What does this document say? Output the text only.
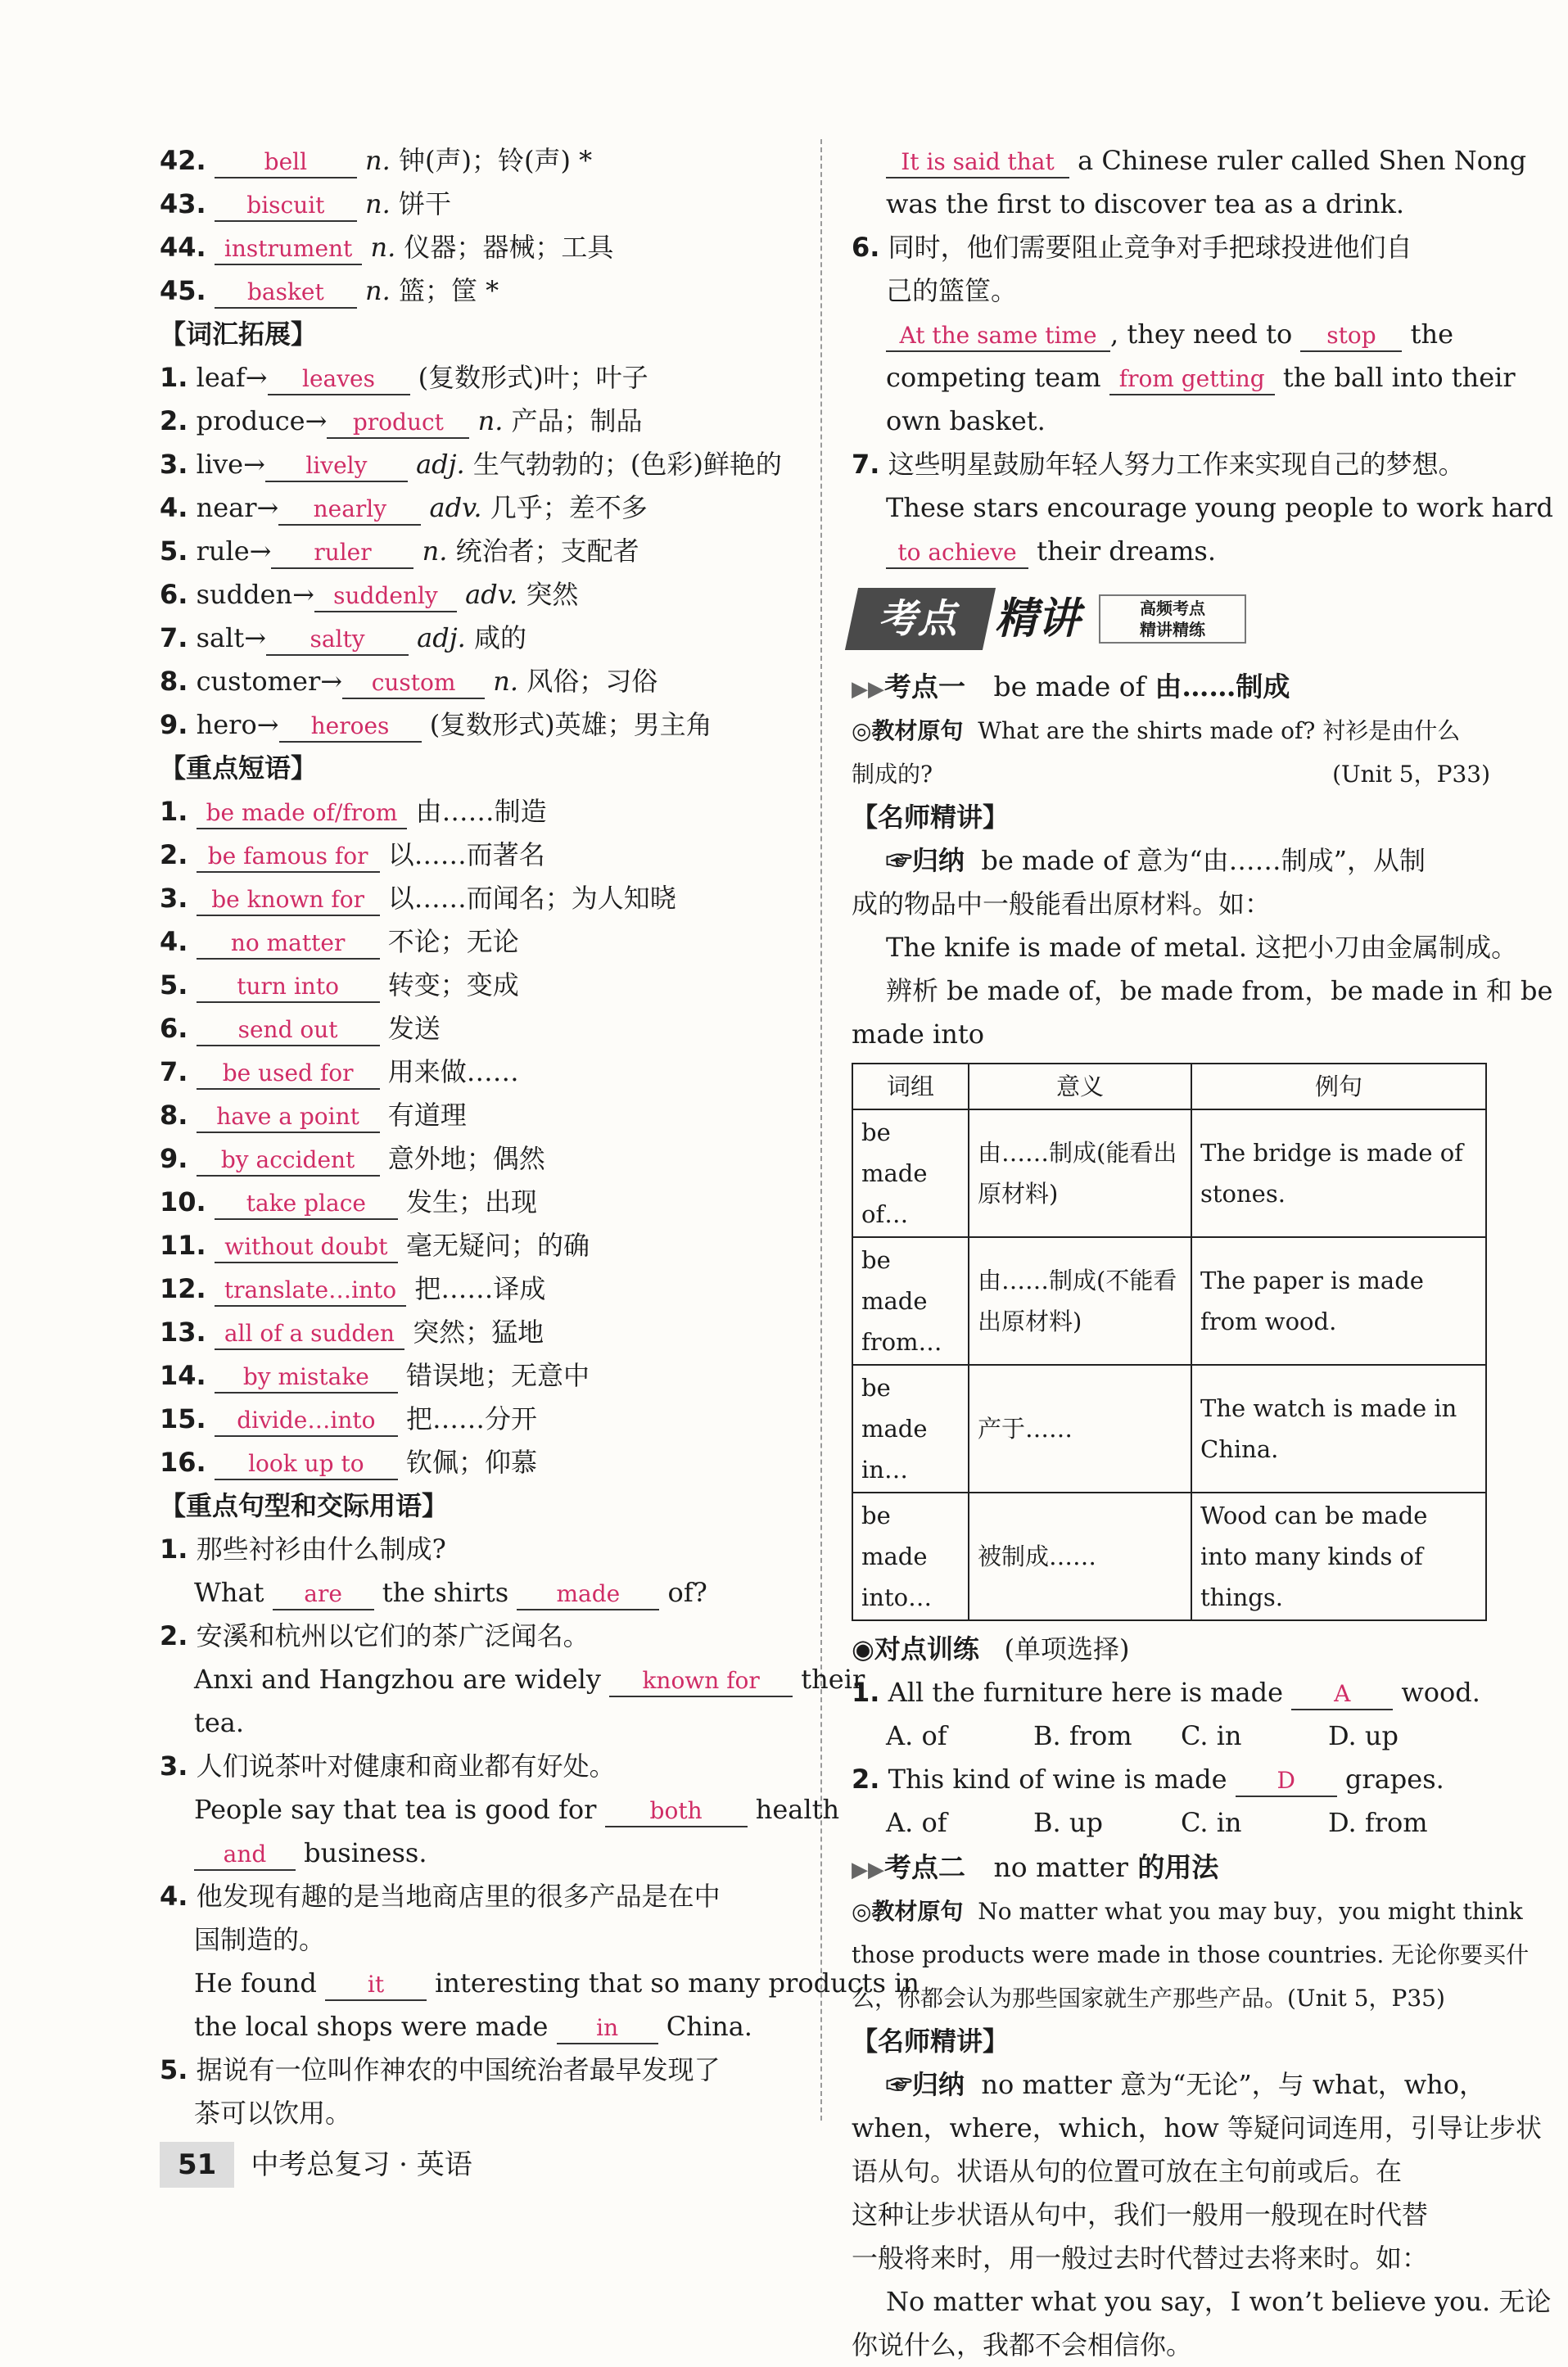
42.	bell n. 钟(声)；铃(声) *
43. biscuit n. 饼干
44. instrument n. 仪器；器械；工具
45. basket n. 篮；筐 *
【词汇拓展】
1. leaf→ leaves (复数形式)叶；叶子
2. produce→ product n. 产品；制品
3. live→ lively adj. 生气勃勃的；(色彩)鲜艳的
4. near→ nearly adv. 几乎；差不多
5. rule→ ruler n. 统治者；支配者
6. sudden→ suddenly adv. 突然
7. salt→ salty adj. 咸的
8. customer→ custom n. 风俗；习俗
9. hero→ heroes (复数形式)英雄；男主角
【重点短语】
1. be made of/from 由……制造
2. be famous for 以……而著名
3. be known for 以……而闻名；为人知晓
4. no matter 不论；无论
5. turn into 转变；变成
6. send out 发送
7. be used for 用来做……
8. have a point 有道理
9. by accident 意外地；偶然
10. take place 发生；出现
11. without doubt 毫无疑问；的确
12. translate…into 把……译成
13. all of a sudden 突然；猛地
14. by mistake 错误地；无意中
15. divide…into 把……分开
16. look up to 钦佩；仰慕
【重点句型和交际用语】
1. 那些衬衫由什么制成?
What are the shirts made of?
2. 安溪和杭州以它们的茶广泛闻名。
Anxi and Hangzhou are widely known for their
tea.
3. 人们说茶叶对健康和商业都有好处。
People say that tea is good for both health
and business.
4. 他发现有趣的是当地商店里的很多产品是在中
国制造的。
He found it interesting that so many products in
the local shops were made in China.
5. 据说有一位叫作神农的中国统治者最早发现了
茶可以饮用。
It is said that a Chinese ruler called Shen Nong
was the first to discover tea as a drink.
6. 同时，他们需要阻止竞争对手把球投进他们自
己的篮筐。
At the same time , they need to stop the
competing team from getting the ball into their
own basket.
7. 这些明星鼓励年轻人努力工作来实现自己的梦想。
These stars encourage young people to work hard
to achieve their dreams.
考点 精讲	高频考点
精讲精练
▶▶考点一 be made of 由……制成
◎教材原句 What are the shirts made of? 衬衫是由什么
制成的?	(Unit 5，P33)
【名师精讲】
☞归纳 be made of 意为“由……制成”，从制
成的物品中一般能看出原材料。如：
The knife is made of metal. 这把小刀由金属制成。
辨析 be made of，be made from，be made in 和 be
made into
词组	意义	例句
be made of…	由……制成(能看出原材料)	The bridge is made of stones.
be made from…	由……制成(不能看出原材料)	The paper is made from wood.
be made in…	产于……	The watch is made in China.
be made into…	被制成……	Wood can be made into many kinds of things.
◉对点训练 (单项选择)
1. All the furniture here is made A wood.
A. of	B. from C. in	D. up
2. This kind of wine is made D grapes.
A. of	B. up	C. in	D. from
▶▶考点二 no matter 的用法
◎教材原句 No matter what you may buy，you might think
those products were made in those countries. 无论你要买什
么，你都会认为那些国家就生产那些产品。(Unit 5，P35)
【名师精讲】
☞归纳 no matter 意为“无论”，与 what，who，
when，where，which，how 等疑问词连用，引导让步状
语从句。状语从句的位置可放在主句前或后。在
这种让步状语从句中，我们一般用一般现在时代替
一般将来时，用一般过去时代替过去将来时。如：
No matter what you say，I won’t believe you. 无论
你说什么，我都不会相信你。
51 中考总复习 · 英语
